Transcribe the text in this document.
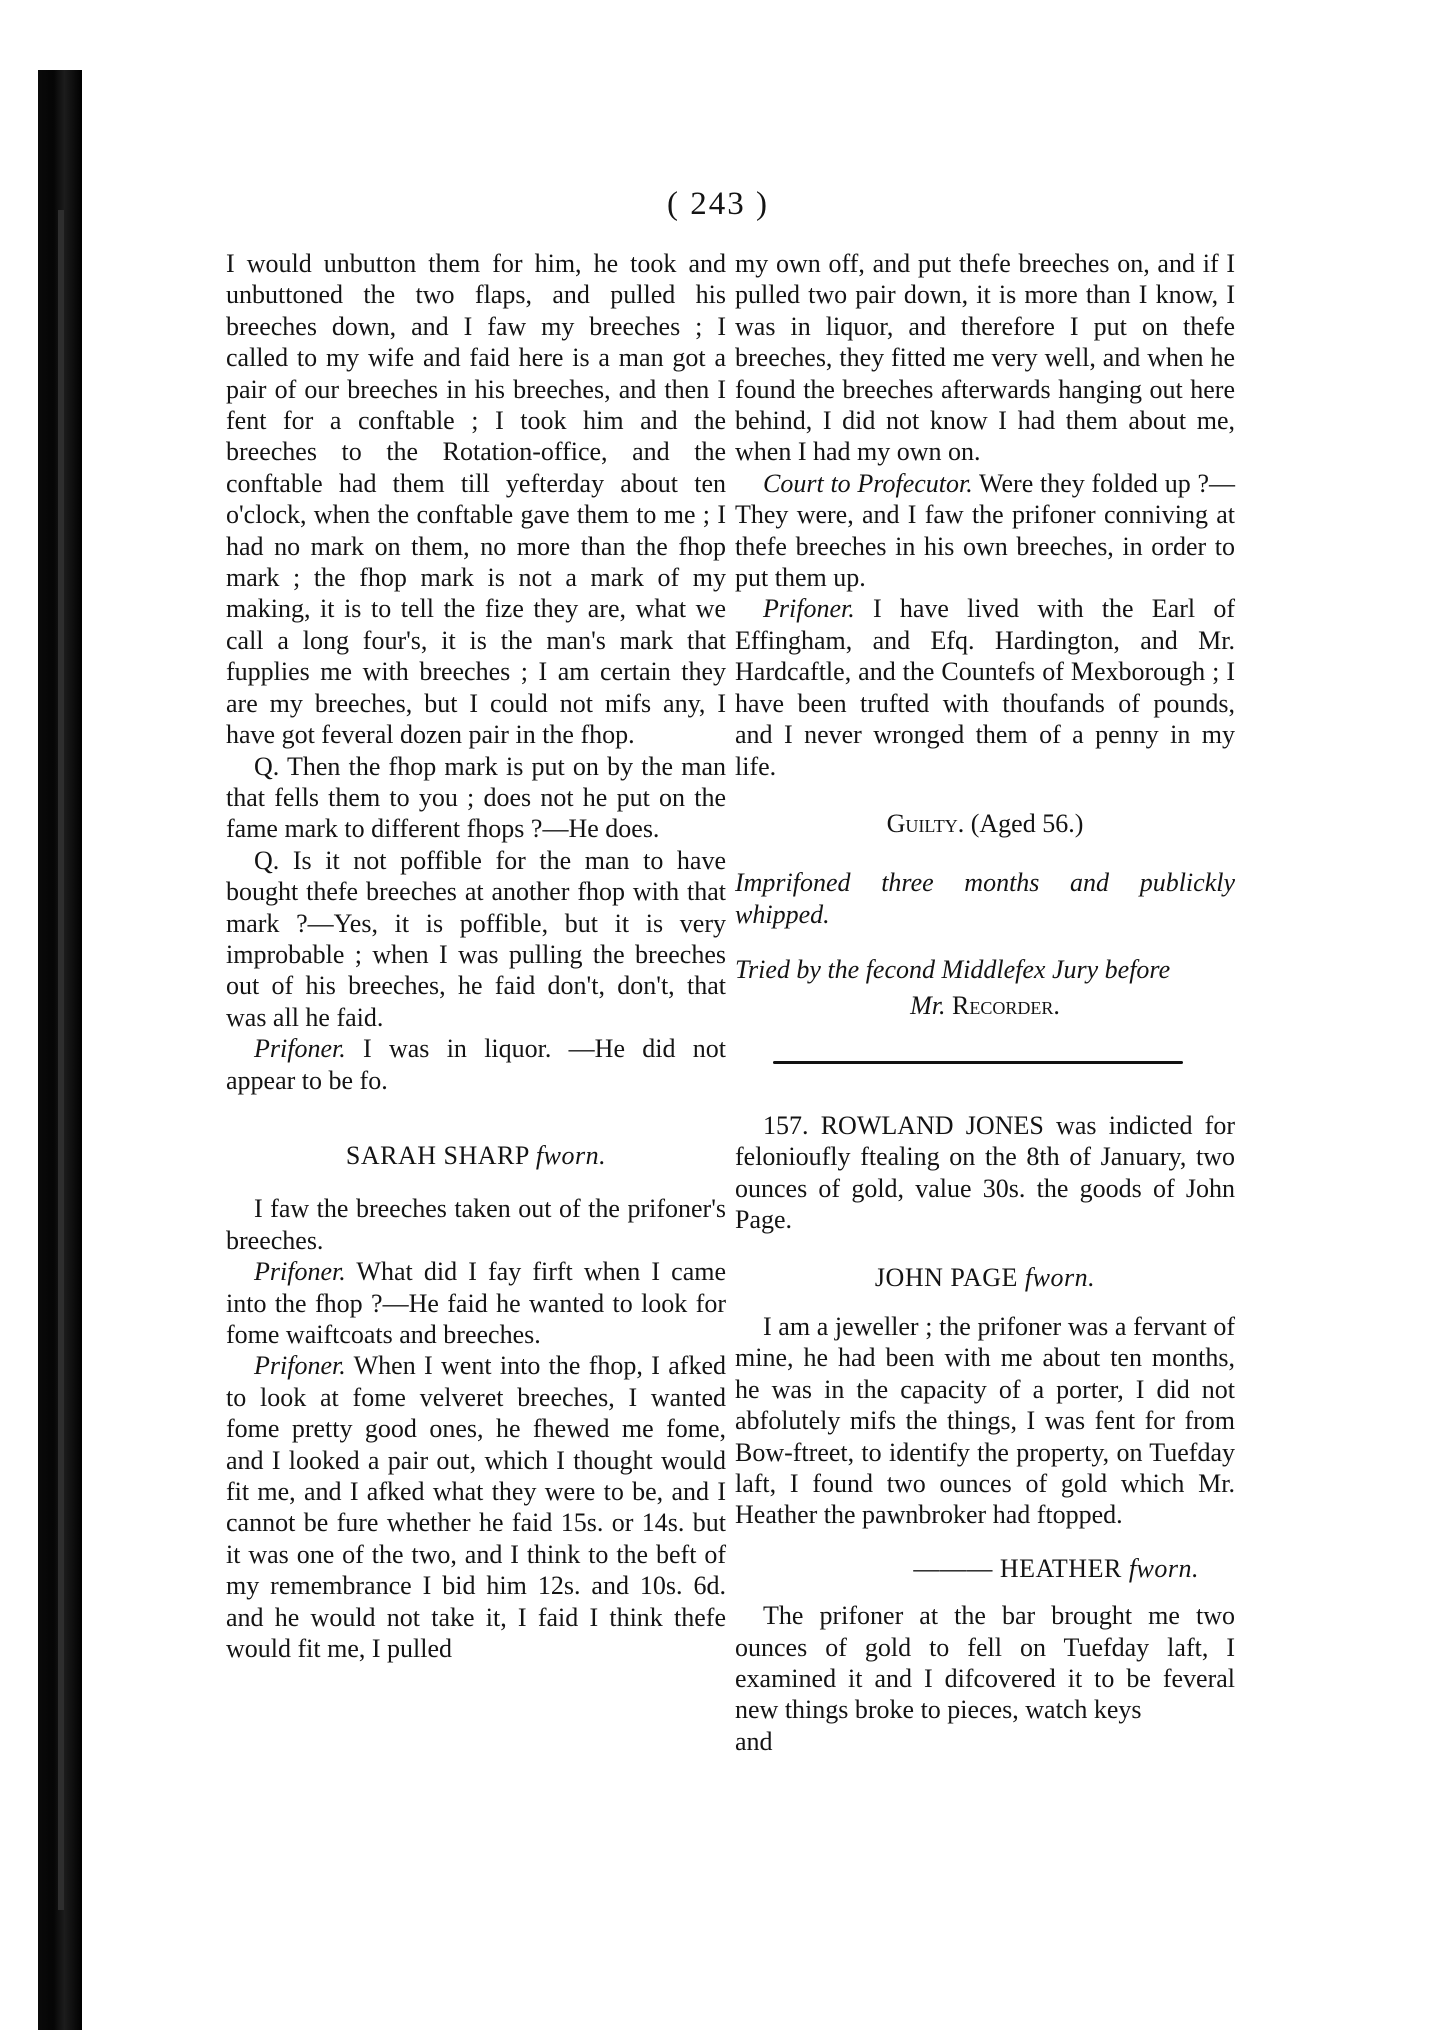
( 243 )

I would unbutton them for him, he took and unbuttoned the two flaps, and pulled his breeches down, and I faw my breeches ; I called to my wife and faid here is a man got a pair of our breeches in his breeches, and then I fent for a conftable ; I took him and the breeches to the Rotation-office, and the conftable had them till yefterday about ten o'clock, when the conftable gave them to me ; I had no mark on them, no more than the fhop mark ; the fhop mark is not a mark of my making, it is to tell the fize they are, what we call a long four's, it is the man's mark that fupplies me with breeches ; I am certain they are my breeches, but I could not mifs any, I have got feveral dozen pair in the fhop.

Q. Then the fhop mark is put on by the man that fells them to you ; does not he put on the fame mark to different fhops ?—He does.

Q. Is it not poffible for the man to have bought thefe breeches at another fhop with that mark ?—Yes, it is poffible, but it is very improbable ; when I was pulling the breeches out of his breeches, he faid don't, don't, that was all he faid.

Prifoner. I was in liquor. —He did not appear to be fo.

SARAH SHARP fworn.

I faw the breeches taken out of the prifoner's breeches.

Prifoner. What did I fay firft when I came into the fhop ?—He faid he wanted to look for fome waiftcoats and breeches.

Prifoner. When I went into the fhop, I afked to look at fome velveret breeches, I wanted fome pretty good ones, he fhewed me fome, and I looked a pair out, which I thought would fit me, and I afked what they were to be, and I cannot be fure whether he faid 15s. or 14s. but it was one of the two, and I think to the beft of my remembrance I bid him 12s. and 10s. 6d. and he would not take it, I faid I think thefe would fit me, I pulled

my own off, and put thefe breeches on, and if I pulled two pair down, it is more than I know, I was in liquor, and therefore I put on thefe breeches, they fitted me very well, and when he found the breeches afterwards hanging out here behind, I did not know I had them about me, when I had my own on.

Court to Profecutor. Were they folded up ?—They were, and I faw the prifoner conniving at thefe breeches in his own breeches, in order to put them up.

Prifoner. I have lived with the Earl of Effingham, and Efq. Hardington, and Mr. Hardcaftle, and the Countefs of Mexborough ; I have been trufted with thoufands of pounds, and I never wronged them of a penny in my life.

Guilty. (Aged 56.)

Imprifoned three months and publickly whipped.

Tried by the fecond Middlefex Jury before

Mr. Recorder.

157. ROWLAND JONES was indicted for felonioufly ftealing on the 8th of January, two ounces of gold, value 30s. the goods of John Page.

JOHN PAGE fworn.

I am a jeweller ; the prifoner was a fervant of mine, he had been with me about ten months, he was in the capacity of a porter, I did not abfolutely mifs the things, I was fent for from Bow-ftreet, to identify the property, on Tuefday laft, I found two ounces of gold which Mr. Heather the pawnbroker had ftopped.

——— HEATHER fworn.

The prifoner at the bar brought me two ounces of gold to fell on Tuefday laft, I examined it and I difcovered it to be feveral new things broke to pieces, watch keys

and
